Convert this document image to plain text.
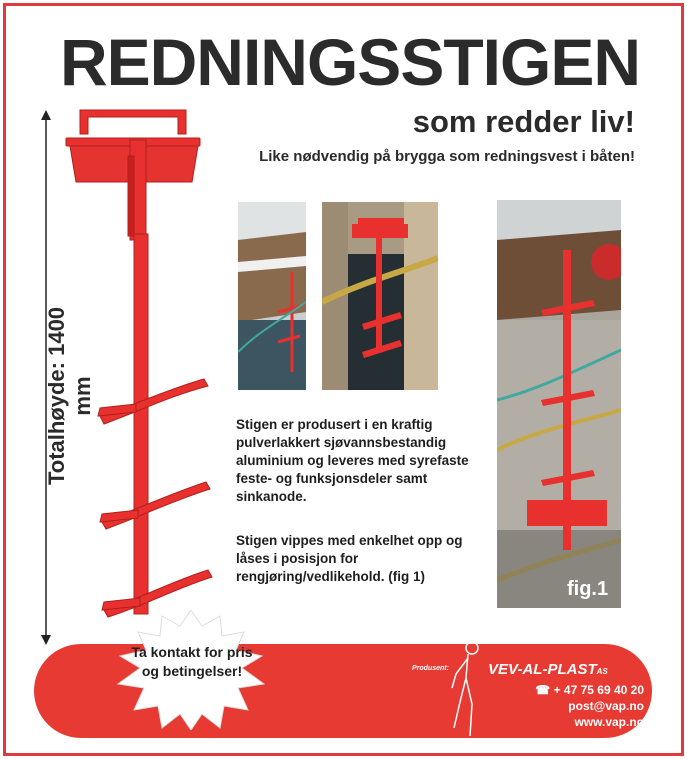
REDNINGSSTIGEN
som redder liv!
Like nødvendig på brygga som redningsvest i båten!
Totalhøyde: 1400 mm
fig.1
Stigen er produsert i en kraftig pulverlakkert sjøvannsbestandig aluminium og leveres med syrefaste feste- og funksjonsdeler samt sinkanode.
Stigen vippes med enkelhet opp og låses i posisjon for rengjøring/vedlikehold. (fig 1)
Ta kontakt for pris og betingelser!	Produsent:	VEV-AL-PLASTAS
☎ + 47 75 69 40 20
post@vap.no
www.vap.no
